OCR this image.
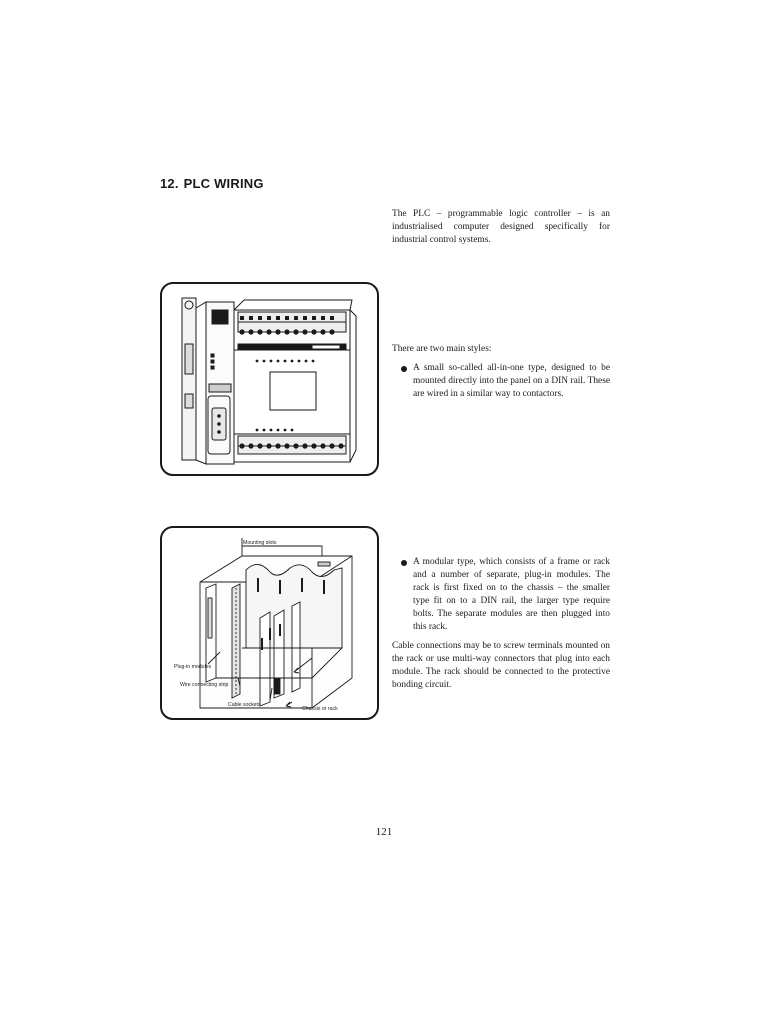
12. PLC WIRING

The PLC – programmable logic controller – is an industrialised computer designed specifically for industrial control systems.

There are two main styles:

A small so-called all-in-one type, designed to be mounted directly into the panel on a DIN rail. These are wired in a similar way to contactors.
Mounting slots
Plug-in modules
Wire connecting strip
Cable sockets
Chassis or rack
A modular type, which consists of a frame or rack and a number of separate, plug-in modules. The rack is first fixed on to the chassis – the smaller type fit on to a DIN rail, the larger type require bolts. The separate modules are then plugged into this rack.

Cable connections may be to screw terminals mounted on the rack or use multi-way connectors that plug into each module. The rack should be connected to the protective bonding circuit.

121
